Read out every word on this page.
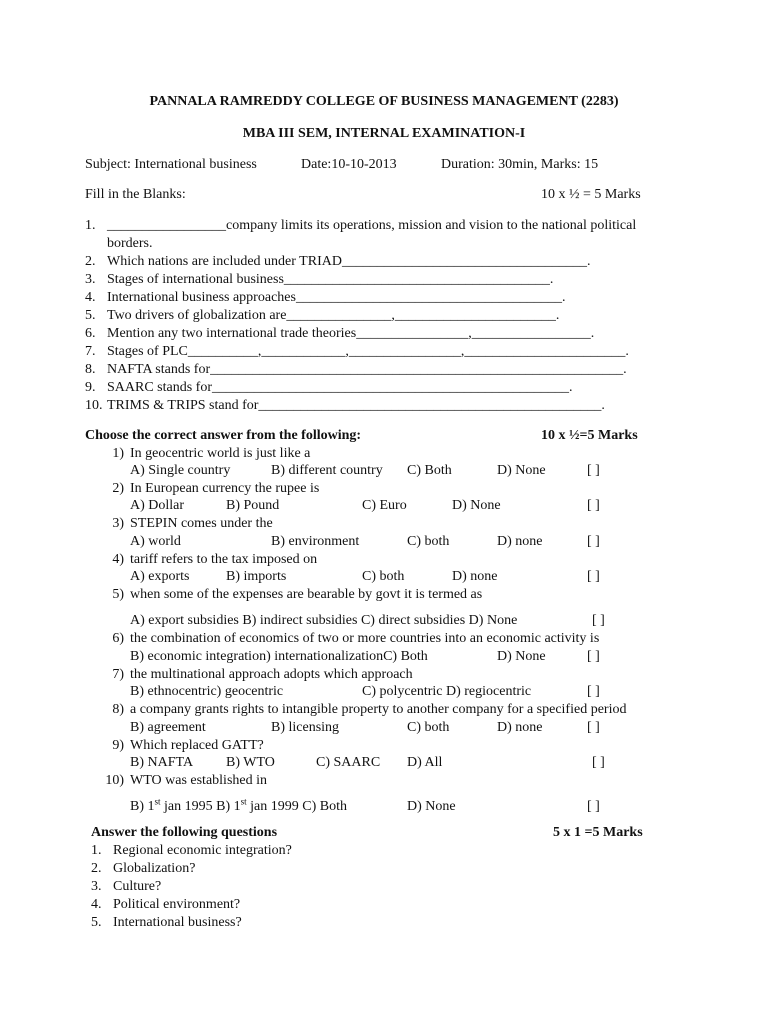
PANNALA RAMREDDY COLLEGE OF BUSINESS MANAGEMENT (2283)
MBA III SEM, INTERNAL EXAMINATION-I
Subject: International business	Date:10-10-2013	Duration: 30min, Marks: 15
Fill in the Blanks:	10 x ½ = 5 Marks
1. _________________company limits its operations, mission and vision to the national political
borders.
2. Which nations are included under TRIAD___________________________________.
3. Stages of international business______________________________________.
4. International business approaches______________________________________.
5. Two drivers of globalization are_______________,_______________________.
6. Mention any two international trade theories________________,_________________.
7. Stages of PLC__________,____________,________________,_______________________.
8. NAFTA stands for___________________________________________________________.
9. SAARC stands for___________________________________________________.
10. TRIMS & TRIPS stand for_________________________________________________.
Choose the correct answer from the following:	10 x ½=5 Marks
1) In geocentric world is just like a
A) Single country	B) different country C) Both	D) None	[ ]
2) In European currency the rupee is
A) Dollar	B) Pound	C) Euro	D) None	[ ]
3) STEPIN comes under the
A) world	B) environment	C) both	D) none	[ ]
4) tariff refers to the tax imposed on
A) exports	B) imports	C) both	D) none	[ ]
5) when some of the expenses are bearable by govt it is termed as
A) export subsidies B) indirect subsidies C) direct subsidies D) None	[ ]
6) the combination of economics of two or more countries into an economic activity is
B) economic integration) internationalizationC) Both	D) None	[ ]
7) the multinational approach adopts which approach
B) ethnocentric) geocentric	C) polycentric D) regiocentric	[ ]
8) a company grants rights to intangible property to another company for a specified period
B) agreement	B) licensing	C) both	D) none	[ ]
9) Which replaced GATT?
B) NAFTA B) WTO	C) SAARC D) All	[ ]
10) WTO was established in
B) 1st jan 1995 B) 1st jan 1999 C) Both	D) None	[ ]
Answer the following questions	5 x 1 =5 Marks
1. Regional economic integration?
2. Globalization?
3. Culture?
4. Political environment?
5. International business?
